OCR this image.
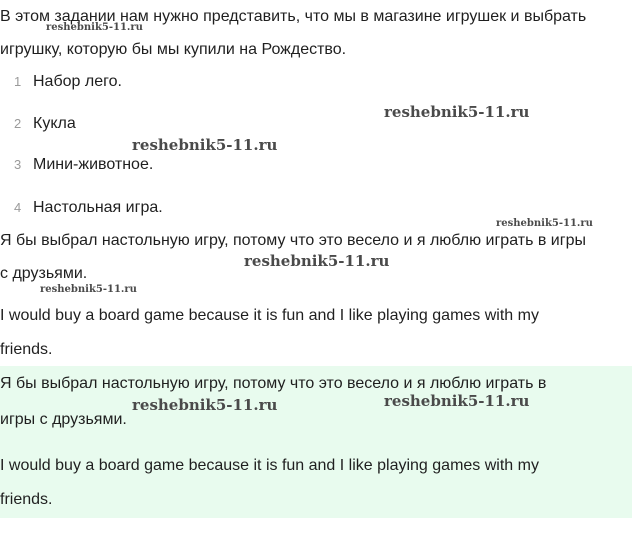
В этом задании нам нужно представить, что мы в магазине игрушек и выбрать

игрушку, которую бы мы купили на Рождество.

1 Набор лего.
2 Кукла
3 Мини-животное.
4 Настольная игра.

Я бы выбрал настольную игру, потому что это весело и я люблю играть в игры

с друзьями.

I would buy a board game because it is fun and I like playing games with my

friends.

Я бы выбрал настольную игру, потому что это весело и я люблю играть в

игры с друзьями.

I would buy a board game because it is fun and I like playing games with my

friends.

reshebnik5-11.ru
reshebnik5-11.ru
reshebnik5-11.ru
reshebnik5-11.ru
reshebnik5-11.ru
reshebnik5-11.ru
reshebnik5-11.ru	reshebnik5-11.ru
